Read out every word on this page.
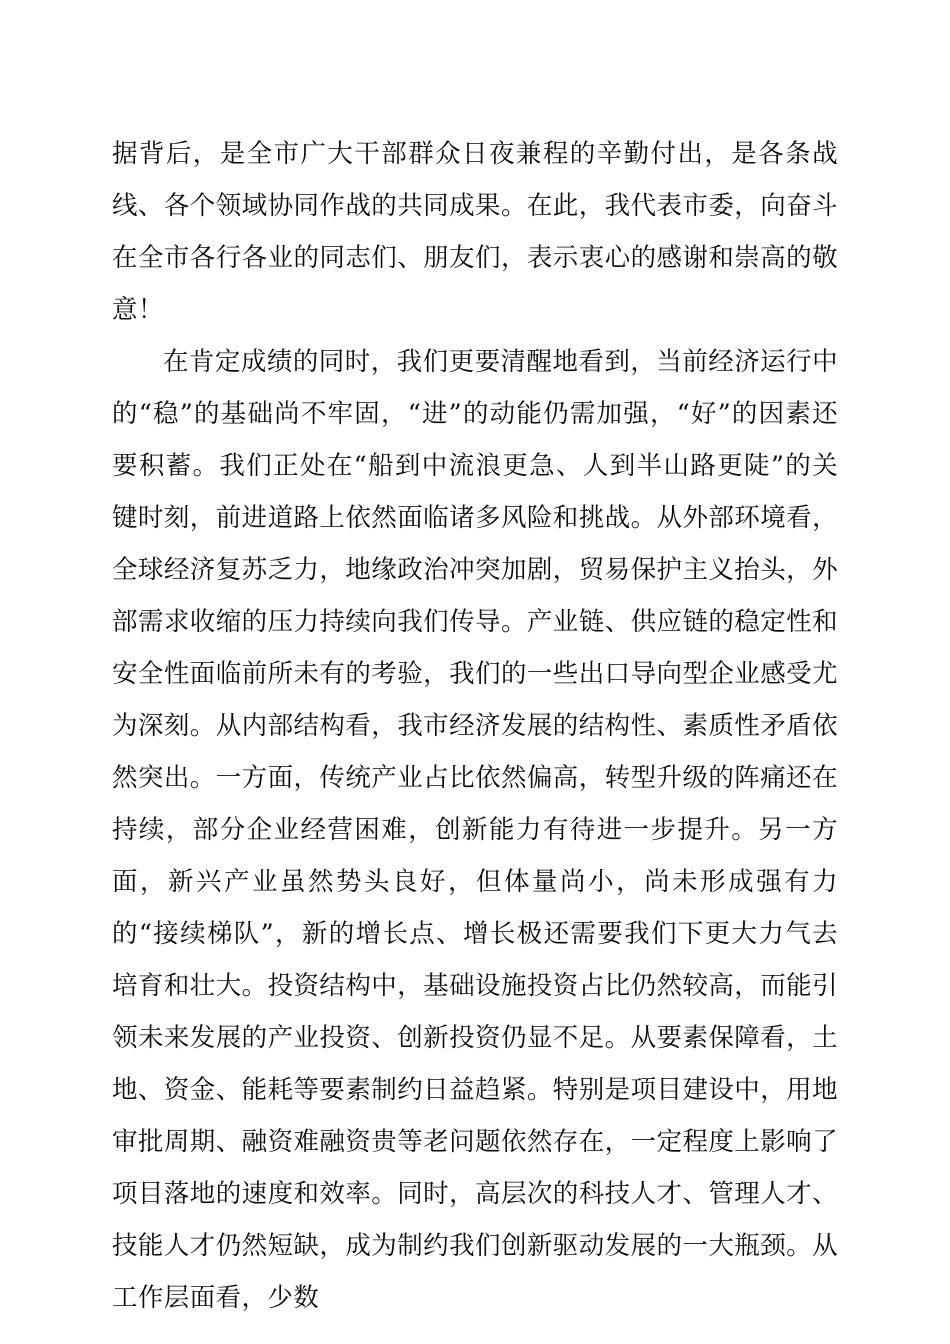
据背后，是全市广大干部群众日夜兼程的辛勤付出，是各条战线、各个领域协同作战的共同成果。在此，我代表市委，向奋斗在全市各行各业的同志们、朋友们，表示衷心的感谢和崇高的敬意！

在肯定成绩的同时，我们更要清醒地看到，当前经济运行中的“稳”的基础尚不牢固，“进”的动能仍需加强，“好”的因素还要积蓄。我们正处在“船到中流浪更急、人到半山路更陡”的关键时刻，前进道路上依然面临诸多风险和挑战。从外部环境看，全球经济复苏乏力，地缘政治冲突加剧，贸易保护主义抬头，外部需求收缩的压力持续向我们传导。产业链、供应链的稳定性和安全性面临前所未有的考验，我们的一些出口导向型企业感受尤为深刻。从内部结构看，我市经济发展的结构性、素质性矛盾依然突出。一方面，传统产业占比依然偏高，转型升级的阵痛还在持续，部分企业经营困难，创新能力有待进一步提升。另一方面，新兴产业虽然势头良好，但体量尚小，尚未形成强有力的“接续梯队”，新的增长点、增长极还需要我们下更大力气去培育和壮大。投资结构中，基础设施投资占比仍然较高，而能引领未来发展的产业投资、创新投资仍显不足。从要素保障看，土地、资金、能耗等要素制约日益趋紧。特别是项目建设中，用地审批周期、融资难融资贵等老问题依然存在，一定程度上影响了项目落地的速度和效率。同时，高层次的科技人才、管理人才、技能人才仍然短缺，成为制约我们创新驱动发展的一大瓶颈。从工作层面看，少数
